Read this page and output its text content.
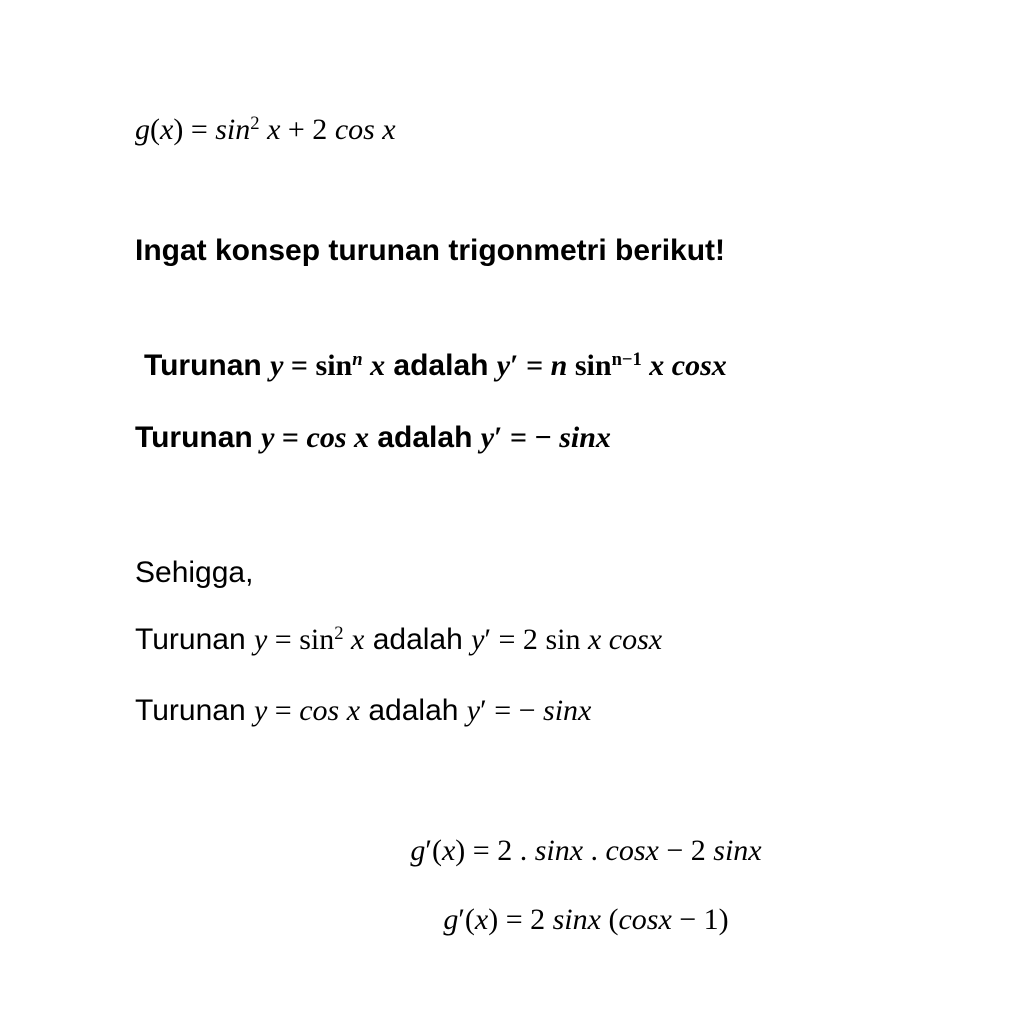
$g(x) = \sin^2 x + 2$ cos x
Ingat konsep turunan trigonmetri berikut!
Turunan $y = \sin^n x$ adalah y′ = n $\sin^{n-1} x$ cosx
Turunan y = cos x adalah y′ = − sinx
Sehigga,
Turunan $y = \sin^2 x$ adalah y′ = 2 sin x cosx
Turunan y = cos x adalah y′ = − sinx
g′(x) = 2 . sinx . cosx − 2 sinx
g′(x) = 2 sinx (cosx − 1)
